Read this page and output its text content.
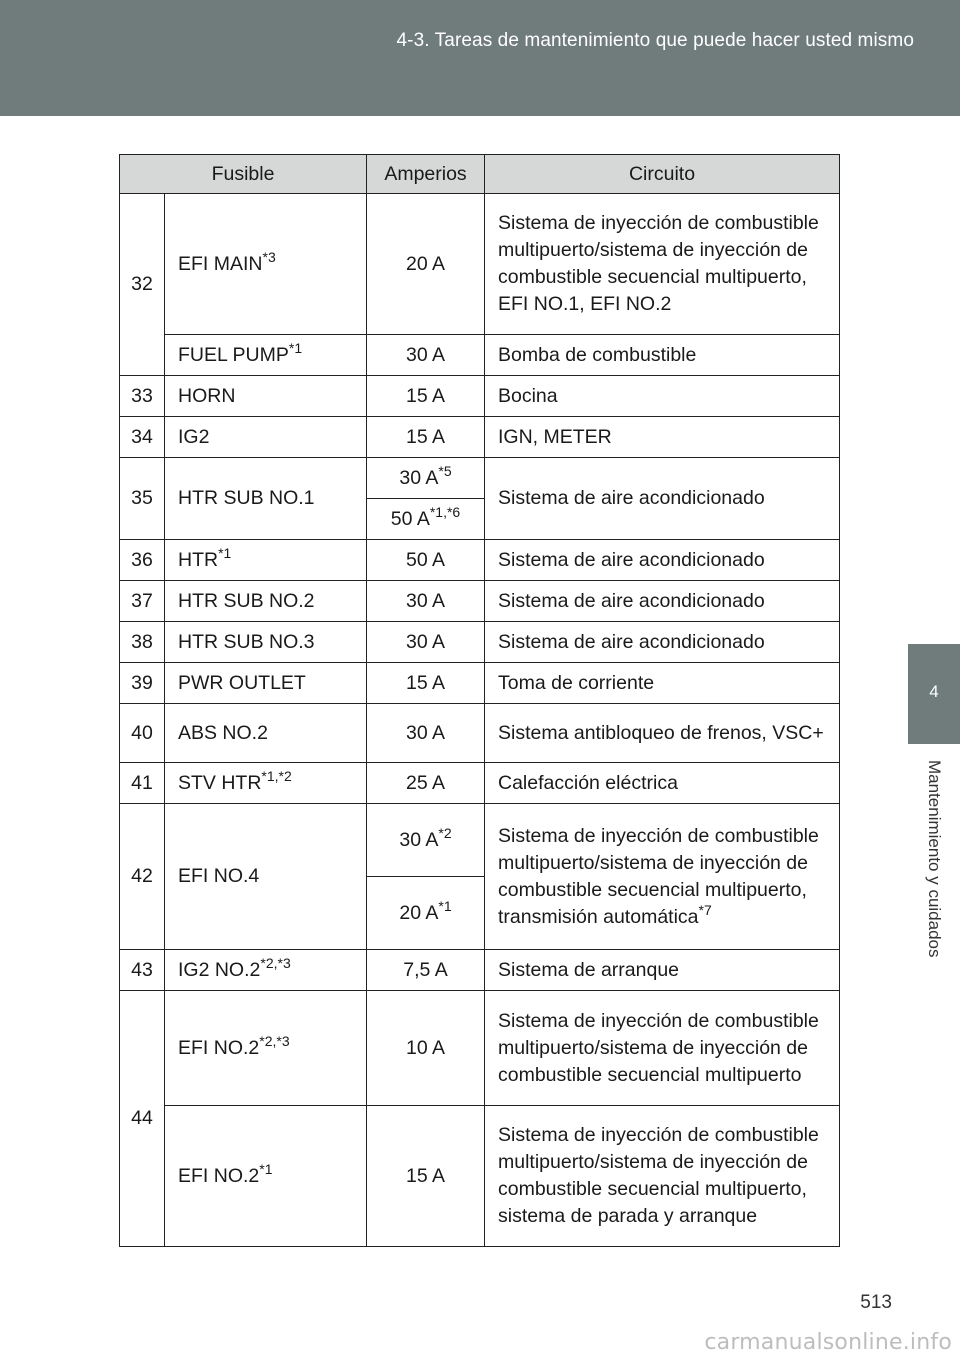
4-3. Tareas de mantenimiento que puede hacer usted mismo
4
Mantenimiento y cuidados
Fusible		Amperios	Circuito
32	EFI MAIN$^{*3}$	20 A	Sistema de inyección de combustible multipuerto/sistema de inyección de combustible secuencial multipuerto, EFI NO.1, EFI NO.2
	FUEL PUMP$^{*1}$	30 A	Bomba de combustible
33	HORN	15 A	Bocina
34	IG2	15 A	IGN, METER
35	HTR SUB NO.1	30 $A^{*5}$	Sistema de aire acondicionado
		50 $A^{*1,*6}$
36	HTR$^{*1}$	50 A	Sistema de aire acondicionado
37	HTR SUB NO.2	30 A	Sistema de aire acondicionado
38	HTR SUB NO.3	30 A	Sistema de aire acondicionado
39	PWR OUTLET	15 A	Toma de corriente
40	ABS NO.2	30 A	Sistema antibloqueo de frenos, VSC+
41	STV $HTR^{*1,*2}$	25 A	Calefacción eléctrica
42	EFI NO.4	30 $A^{*2}$	Sistema de inyección de combustible multipuerto/sistema de inyección de combustible secuencial multipuerto, transmisión automática$^{*7}$
		20 $A^{*1}$
43	IG2 $NO.2^{*2,*3}$	7,5 A	Sistema de arranque
44	EFI $NO.2^{*2,*3}$	10 A	Sistema de inyección de combustible multipuerto/sistema de inyección de combustible secuencial multipuerto
	EFI NO.2$^{*1}$	15 A	Sistema de inyección de combustible multipuerto/sistema de inyección de combustible secuencial multipuerto, sistema de parada y arranque
513
carmanualsonline.info
